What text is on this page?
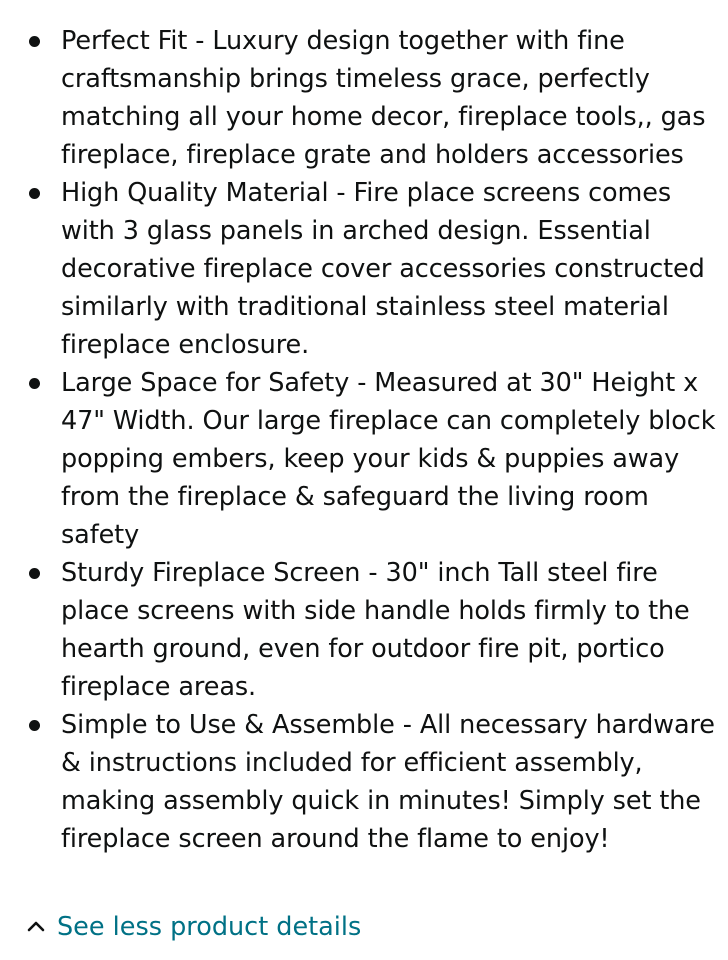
Perfect Fit - Luxury design together with fine craftsmanship brings timeless grace, perfectly matching all your home decor, fireplace tools,, gas fireplace, fireplace grate and holders accessories
High Quality Material - Fire place screens comes with 3 glass panels in arched design. Essential decorative fireplace cover accessories constructed similarly with traditional stainless steel material fireplace enclosure.
Large Space for Safety - Measured at 30" Height x 47" Width. Our large fireplace can completely block popping embers, keep your kids & puppies away from the fireplace & safeguard the living room safety
Sturdy Fireplace Screen - 30" inch Tall steel fire place screens with side handle holds firmly to the hearth ground, even for outdoor fire pit, portico fireplace areas.
Simple to Use & Assemble - All necessary hardware & instructions included for efficient assembly, making assembly quick in minutes! Simply set the fireplace screen around the flame to enjoy!
See less product details
